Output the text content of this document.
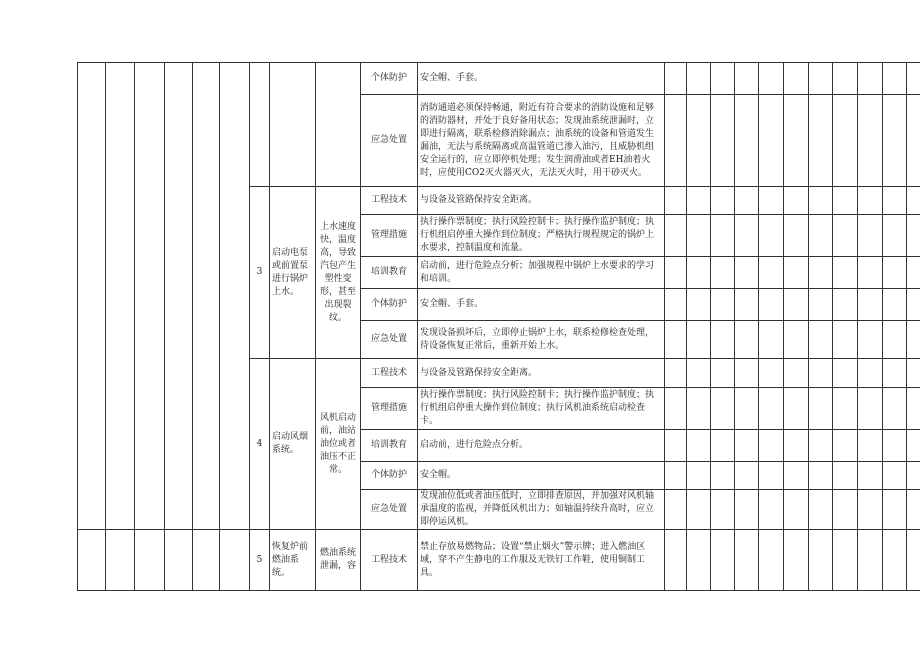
									个体防护	安全帽、手套。											
									应急处置	消防通道必须保持畅通，附近有符合要求的消防设施和足够的消防器材，并处于良好备用状态；发现油系统泄漏时，立即进行隔离，联系检修消除漏点；油系统的设备和管道发生漏油，无法与系统隔离或高温管道已渗入油污，且威胁机组安全运行的，应立即停机处理；发生润滑油或者EH油着火时，应使用CO2灭火器灭火，无法灭火时，用干砂灭火。											
						3	启动电泵或前置泵进行锅炉上水。	上水速度快，温度高，导致汽包产生塑性变形，甚至出现裂纹。	工程技术	与设备及管路保持安全距离。											
									管理措施	执行操作票制度；执行风险控制卡；执行操作监护制度；执行机组启停重大操作到位制度；严格执行规程规定的锅炉上水要求，控制温度和流量。											
									培训教育	启动前，进行危险点分析；加强规程中锅炉上水要求的学习和培训。											
									个体防护	安全帽、手套。											
									应急处置	发现设备损坏后，立即停止锅炉上水，联系检修检查处理，待设备恢复正常后，重新开始上水。											
						4	启动风烟系统。	风机启动前，油站油位或者油压不正常。	工程技术	与设备及管路保持安全距离。											
									管理措施	执行操作票制度；执行风险控制卡；执行操作监护制度；执行机组启停重大操作到位制度；执行风机油系统启动检查卡。											
									培训教育	启动前，进行危险点分析。											
									个体防护	安全帽。											
									应急处置	发现油位低或者油压低时，立即排查原因，并加强对风机轴承温度的监视，并降低风机出力；如轴温持续升高时，应立即停运风机。											
						5	恢复炉前燃油系统。	燃油系统泄漏，容	工程技术	禁止存放易燃物品；设置“禁止烟火”警示牌；进入燃油区域，穿不产生静电的工作服及无铁钉工作鞋，使用铜制工具。											
